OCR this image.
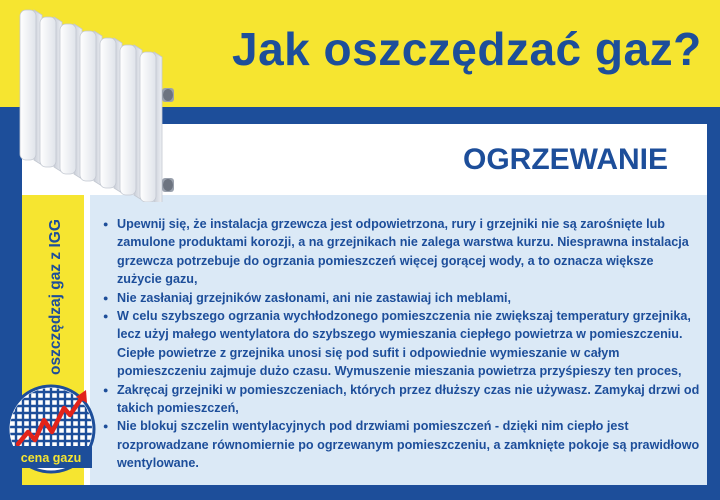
Jak oszczędzać gaz?
OGRZEWANIE
oszczędzaj gaz z IGG
cena gazu
● Upewnij się, że instalacja grzewcza jest odpowietrzona, rury i grzejniki nie są zarośnięte lub zamulone produktami korozji, a na grzejnikach nie zalega warstwa kurzu. Niesprawna instalacja grzewcza potrzebuje do ogrzania pomieszczeń więcej gorącej wody, a to oznacza większe zużycie gazu,
● Nie zasłaniaj grzejników zasłonami, ani nie zastawiaj ich meblami,
● W celu szybszego ogrzania wychłodzonego pomieszczenia nie zwiększaj temperatury grzejnika, lecz użyj małego wentylatora do szybszego wymieszania ciepłego powietrza w pomieszczeniu. Ciepłe powietrze z grzejnika unosi się pod sufit i odpowiednie wymieszanie w całym pomieszczeniu zajmuje dużo czasu. Wymuszenie mieszania powietrza przyśpieszy ten proces,
● Zakręcaj grzejniki w pomieszczeniach, których przez dłuższy czas nie używasz. Zamykaj drzwi od takich pomieszczeń,
● Nie blokuj szczelin wentylacyjnych pod drzwiami pomieszczeń - dzięki nim ciepło jest rozprowadzane równomiernie po ogrzewanym pomieszczeniu, a zamknięte pokoje są prawidłowo wentylowane.
